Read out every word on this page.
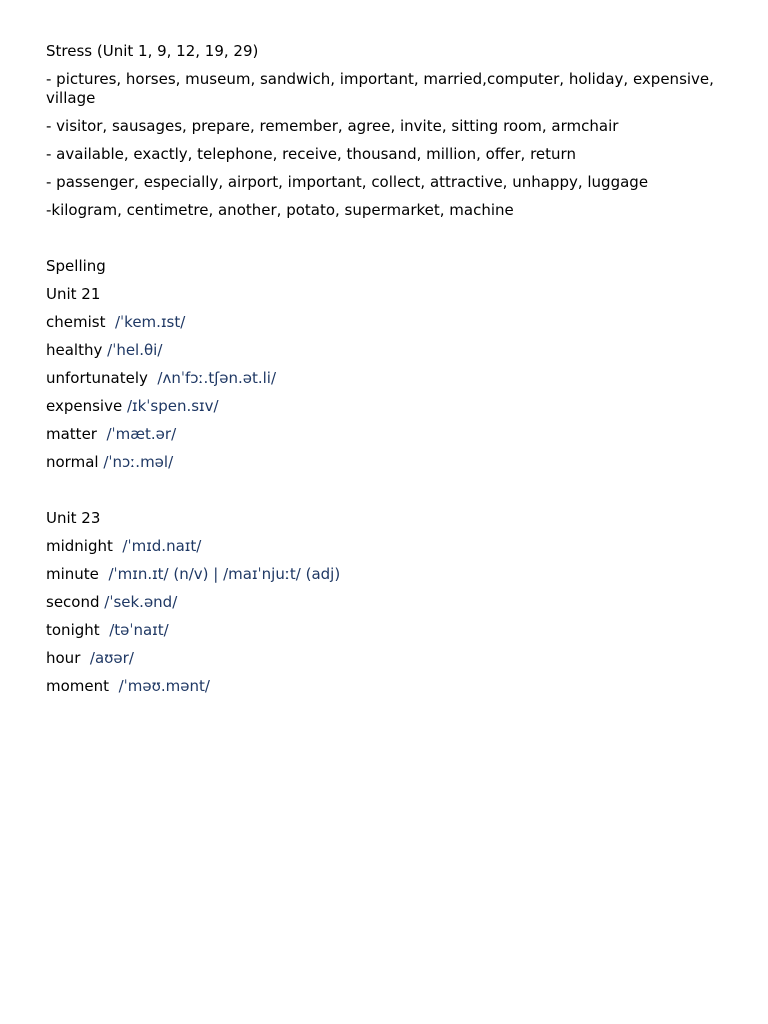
Stress (Unit 1, 9, 12, 19, 29)
- pictures, horses, museum, sandwich, important, married,computer, holiday, expensive, village
- visitor, sausages, prepare, remember, agree, invite, sitting room, armchair
- available, exactly, telephone, receive, thousand, million, offer, return
- passenger, especially, airport, important, collect, attractive, unhappy, luggage
-kilogram, centimetre, another, potato, supermarket, machine
Spelling
Unit 21
chemist  /ˈkem.ɪst/
healthy /ˈhel.θi/
unfortunately  /ʌnˈfɔː.tʃən.ət.li/
expensive /ɪkˈspen.sɪv/
matter  /ˈmæt.ər/
normal /ˈnɔː.məl/
Unit 23
midnight  /ˈmɪd.naɪt/
minute  /ˈmɪn.ɪt/ (n/v) | /maɪˈnjuːt/ (adj)
second /ˈsek.ənd/
tonight  /təˈnaɪt/
hour  /aʊər/
moment  /ˈməʊ.mənt/
